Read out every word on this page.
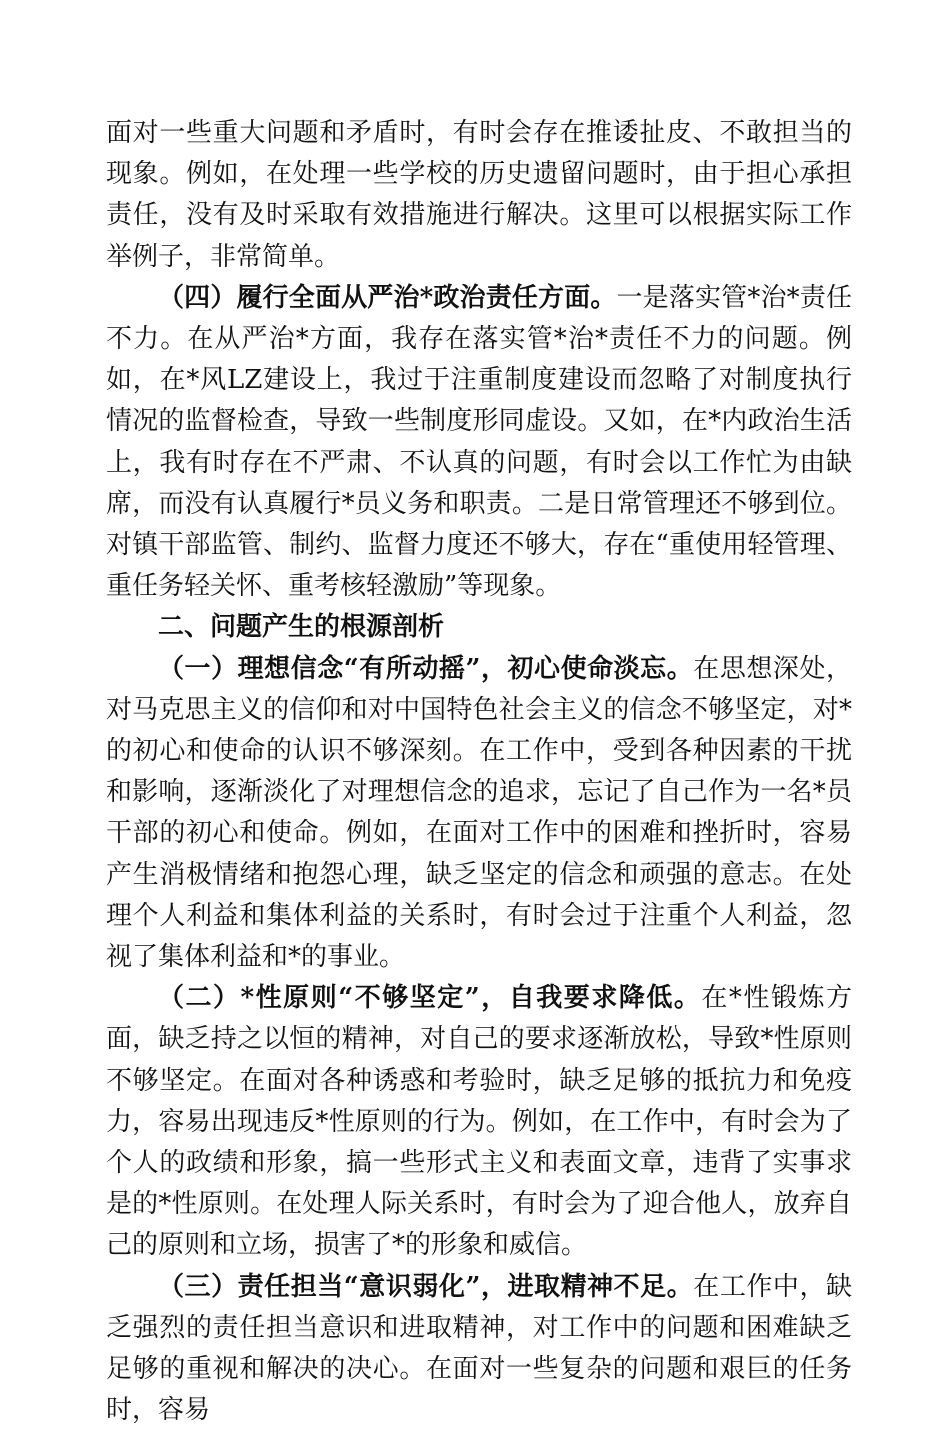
面对一些重大问题和矛盾时，有时会存在推诿扯皮、不敢担当的现象。例如，在处理一些学校的历史遗留问题时，由于担心承担责任，没有及时采取有效措施进行解决。这里可以根据实际工作举例子，非常简单。

（四）履行全面从严治*政治责任方面。一是落实管*治*责任不力。在从严治*方面，我存在落实管*治*责任不力的问题。例如，在*风LZ建设上，我过于注重制度建设而忽略了对制度执行情况的监督检查，导致一些制度形同虚设。又如，在*内政治生活上，我有时存在不严肃、不认真的问题，有时会以工作忙为由缺席，而没有认真履行*员义务和职责。二是日常管理还不够到位。对镇干部监管、制约、监督力度还不够大，存在“重使用轻管理、重任务轻关怀、重考核轻激励”等现象。

二、问题产生的根源剖析

（一）理想信念“有所动摇”，初心使命淡忘。在思想深处，对马克思主义的信仰和对中国特色社会主义的信念不够坚定，对*的初心和使命的认识不够深刻。在工作中，受到各种因素的干扰和影响，逐渐淡化了对理想信念的追求，忘记了自己作为一名*员干部的初心和使命。例如，在面对工作中的困难和挫折时，容易产生消极情绪和抱怨心理，缺乏坚定的信念和顽强的意志。在处理个人利益和集体利益的关系时，有时会过于注重个人利益，忽视了集体利益和*的事业。

（二）*性原则“不够坚定”，自我要求降低。在*性锻炼方面，缺乏持之以恒的精神，对自己的要求逐渐放松，导致*性原则不够坚定。在面对各种诱惑和考验时，缺乏足够的抵抗力和免疫力，容易出现违反*性原则的行为。例如，在工作中，有时会为了个人的政绩和形象，搞一些形式主义和表面文章，违背了实事求是的*性原则。在处理人际关系时，有时会为了迎合他人，放弃自己的原则和立场，损害了*的形象和威信。

（三）责任担当“意识弱化”，进取精神不足。在工作中，缺乏强烈的责任担当意识和进取精神，对工作中的问题和困难缺乏足够的重视和解决的决心。在面对一些复杂的问题和艰巨的任务时，容易
